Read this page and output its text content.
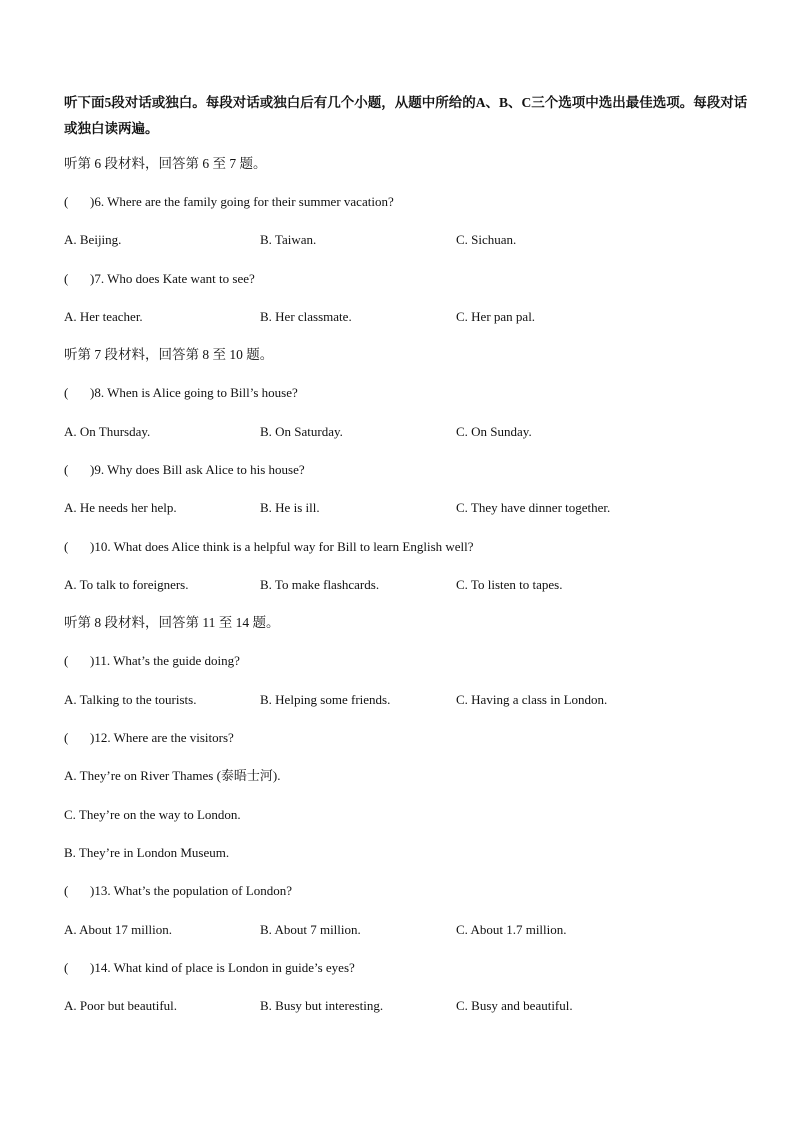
听下面5段对话或独白。每段对话或独白后有几个小题，从题中所给的A、B、C三个选项中选出最佳选项。每段对话或独白读两遍。

听第 6 段材料，回答第 6 至 7 题。

( )6. Where are the family going for their summer vacation?

A. Beijing.	B. Taiwan.	C. Sichuan.

( )7. Who does Kate want to see?

A. Her teacher.	B. Her classmate.	C. Her pan pal.

听第 7 段材料，回答第 8 至 10 题。

( )8. When is Alice going to Bill’s house?

A. On Thursday.	B. On Saturday.	C. On Sunday.

( )9. Why does Bill ask Alice to his house?

A. He needs her help.	B. He is ill.	C. They have dinner together.

( )10. What does Alice think is a helpful way for Bill to learn English well?

A. To talk to foreigners.	B. To make flashcards.	C. To listen to tapes.

听第 8 段材料，回答第 11 至 14 题。

( )11. What’s the guide doing?

A. Talking to the tourists.	B. Helping some friends.	C. Having a class in London.

( )12. Where are the visitors?

A. They’re on River Thames (泰晤士河).

C. They’re on the way to London.

B. They’re in London Museum.

( )13. What’s the population of London?

A. About 17 million.	B. About 7 million.	C. About 1.7 million.

( )14. What kind of place is London in guide’s eyes?

A. Poor but beautiful.	B. Busy but interesting.	C. Busy and beautiful.
